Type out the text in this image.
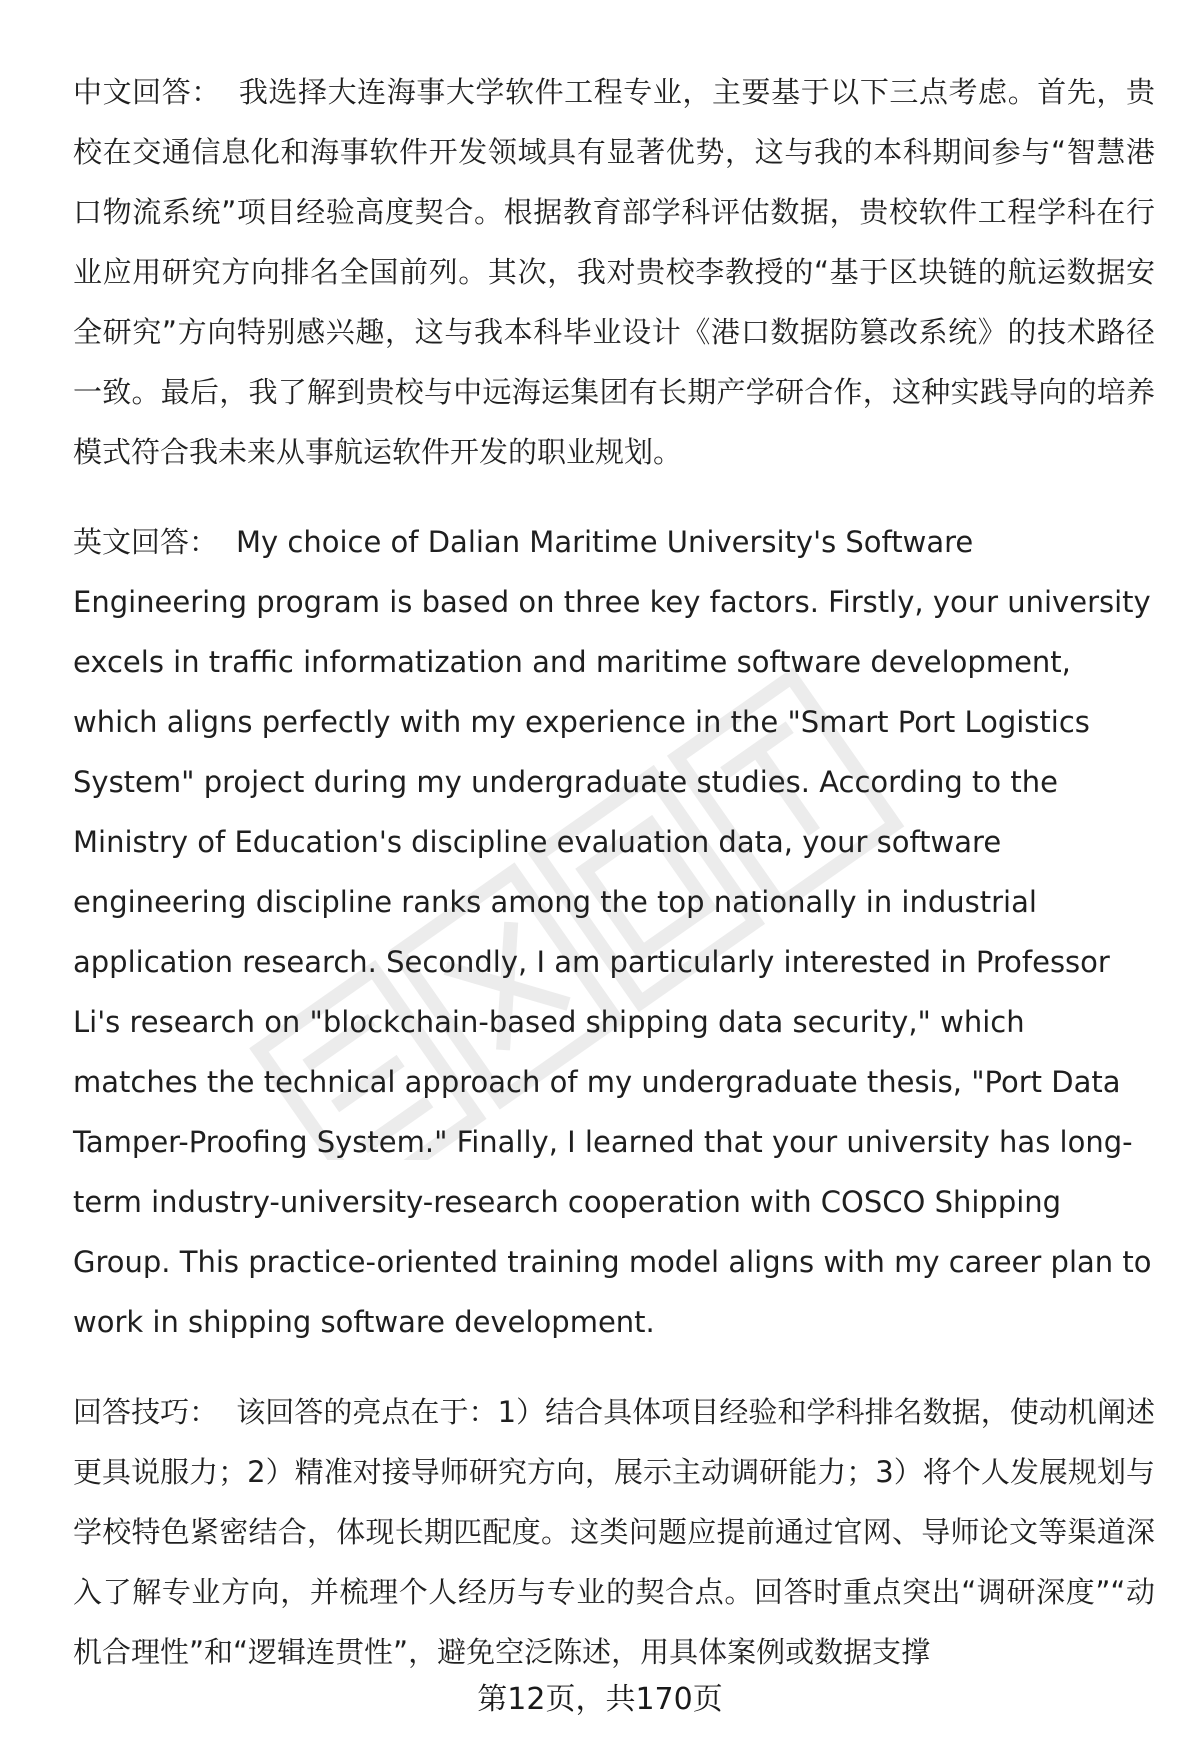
中文回答： 我选择大连海事大学软件工程专业，主要基于以下三点考虑。首先，贵校在交通信息化和海事软件开发领域具有显著优势，这与我的本科期间参与“智慧港口物流系统”项目经验高度契合。根据教育部学科评估数据，贵校软件工程学科在行业应用研究方向排名全国前列。其次，我对贵校李教授的“基于区块链的航运数据安全研究”方向特别感兴趣，这与我本科毕业设计《港口数据防篡改系统》的技术路径一致。最后，我了解到贵校与中远海运集团有长期产学研合作，这种实践导向的培养模式符合我未来从事航运软件开发的职业规划。

英文回答： My choice of Dalian Maritime University's Software Engineering program is based on three key factors. Firstly, your university excels in traffic informatization and maritime software development, which aligns perfectly with my experience in the "Smart Port Logistics System" project during my undergraduate studies. According to the Ministry of Education's discipline evaluation data, your software engineering discipline ranks among the top nationally in industrial application research. Secondly, I am particularly interested in Professor Li's research on "blockchain-based shipping data security," which matches the technical approach of my undergraduate thesis, "Port Data Tamper-Proofing System." Finally, I learned that your university has long-term industry-university-research cooperation with COSCO Shipping Group. This practice-oriented training model aligns with my career plan to work in shipping software development.

回答技巧： 该回答的亮点在于：1）结合具体项目经验和学科排名数据，使动机阐述更具说服力；2）精准对接导师研究方向，展示主动调研能力；3）将个人发展规划与学校特色紧密结合，体现长期匹配度。这类问题应提前通过官网、导师论文等渠道深入了解专业方向，并梳理个人经历与专业的契合点。回答时重点突出“调研深度”“动机合理性”和“逻辑连贯性”，避免空泛陈述，用具体案例或数据支撑

第12页，共170页
